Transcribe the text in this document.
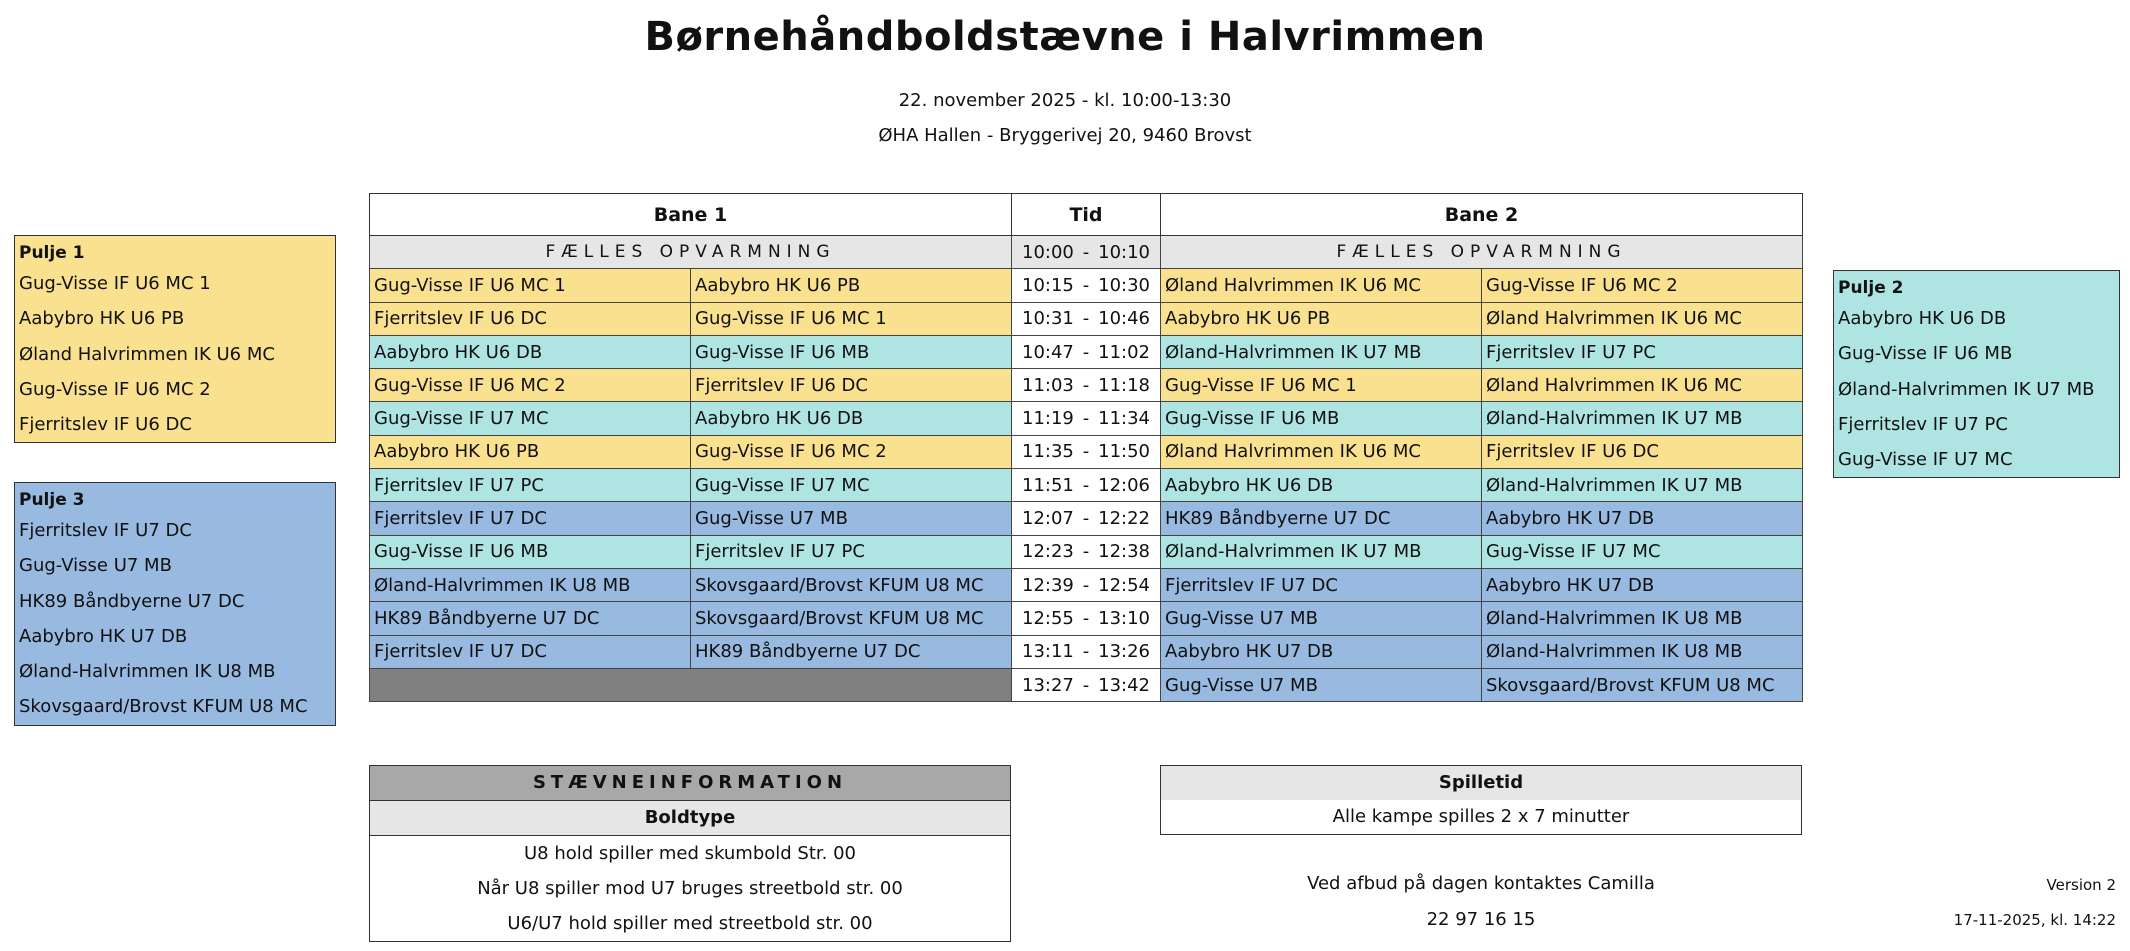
Børnehåndboldstævne i Halvrimmen
22. november 2025 - kl. 10:00-13:30
ØHA Hallen - Bryggerivej 20, 9460 Brovst
Pulje 1
Gug-Visse IF U6 MC 1
Aabybro HK U6 PB
Øland Halvrimmen IK U6 MC
Gug-Visse IF U6 MC 2
Fjerritslev IF U6 DC
Pulje 3
Fjerritslev IF U7 DC
Gug-Visse U7 MB
HK89 Båndbyerne U7 DC
Aabybro HK U7 DB
Øland-Halvrimmen IK U8 MB
Skovsgaard/Brovst KFUM U8 MC
Pulje 2
Aabybro HK U6 DB
Gug-Visse IF U6 MB
Øland-Halvrimmen IK U7 MB
Fjerritslev IF U7 PC
Gug-Visse IF U7 MC
Bane 1		Tid	Bane 2	
FÆLLES OPVARMNING		10:00 - 10:10	FÆLLES OPVARMNING	
Gug-Visse IF U6 MC 1	Aabybro HK U6 PB	10:15 - 10:30	Øland Halvrimmen IK U6 MC	Gug-Visse IF U6 MC 2
Fjerritslev IF U6 DC	Gug-Visse IF U6 MC 1	10:31 - 10:46	Aabybro HK U6 PB	Øland Halvrimmen IK U6 MC
Aabybro HK U6 DB	Gug-Visse IF U6 MB	10:47 - 11:02	Øland-Halvrimmen IK U7 MB	Fjerritslev IF U7 PC
Gug-Visse IF U6 MC 2	Fjerritslev IF U6 DC	11:03 - 11:18	Gug-Visse IF U6 MC 1	Øland Halvrimmen IK U6 MC
Gug-Visse IF U7 MC	Aabybro HK U6 DB	11:19 - 11:34	Gug-Visse IF U6 MB	Øland-Halvrimmen IK U7 MB
Aabybro HK U6 PB	Gug-Visse IF U6 MC 2	11:35 - 11:50	Øland Halvrimmen IK U6 MC	Fjerritslev IF U6 DC
Fjerritslev IF U7 PC	Gug-Visse IF U7 MC	11:51 - 12:06	Aabybro HK U6 DB	Øland-Halvrimmen IK U7 MB
Fjerritslev IF U7 DC	Gug-Visse U7 MB	12:07 - 12:22	HK89 Båndbyerne U7 DC	Aabybro HK U7 DB
Gug-Visse IF U6 MB	Fjerritslev IF U7 PC	12:23 - 12:38	Øland-Halvrimmen IK U7 MB	Gug-Visse IF U7 MC
Øland-Halvrimmen IK U8 MB	Skovsgaard/Brovst KFUM U8 MC	12:39 - 12:54	Fjerritslev IF U7 DC	Aabybro HK U7 DB
HK89 Båndbyerne U7 DC	Skovsgaard/Brovst KFUM U8 MC	12:55 - 13:10	Gug-Visse U7 MB	Øland-Halvrimmen IK U8 MB
Fjerritslev IF U7 DC	HK89 Båndbyerne U7 DC	13:11 - 13:26	Aabybro HK U7 DB	Øland-Halvrimmen IK U8 MB

		13:27 - 13:42	Gug-Visse U7 MB	Skovsgaard/Brovst KFUM U8 MC
STÆVNEINFORMATION
Boldtype
U8 hold spiller med skumbold Str. 00
Når U8 spiller mod U7 bruges streetbold str. 00
U6/U7 hold spiller med streetbold str. 00
Spilletid
Alle kampe spilles 2 x 7 minutter
Ved afbud på dagen kontaktes Camilla
22 97 16 15
Version 2
17-11-2025, kl. 14:22
